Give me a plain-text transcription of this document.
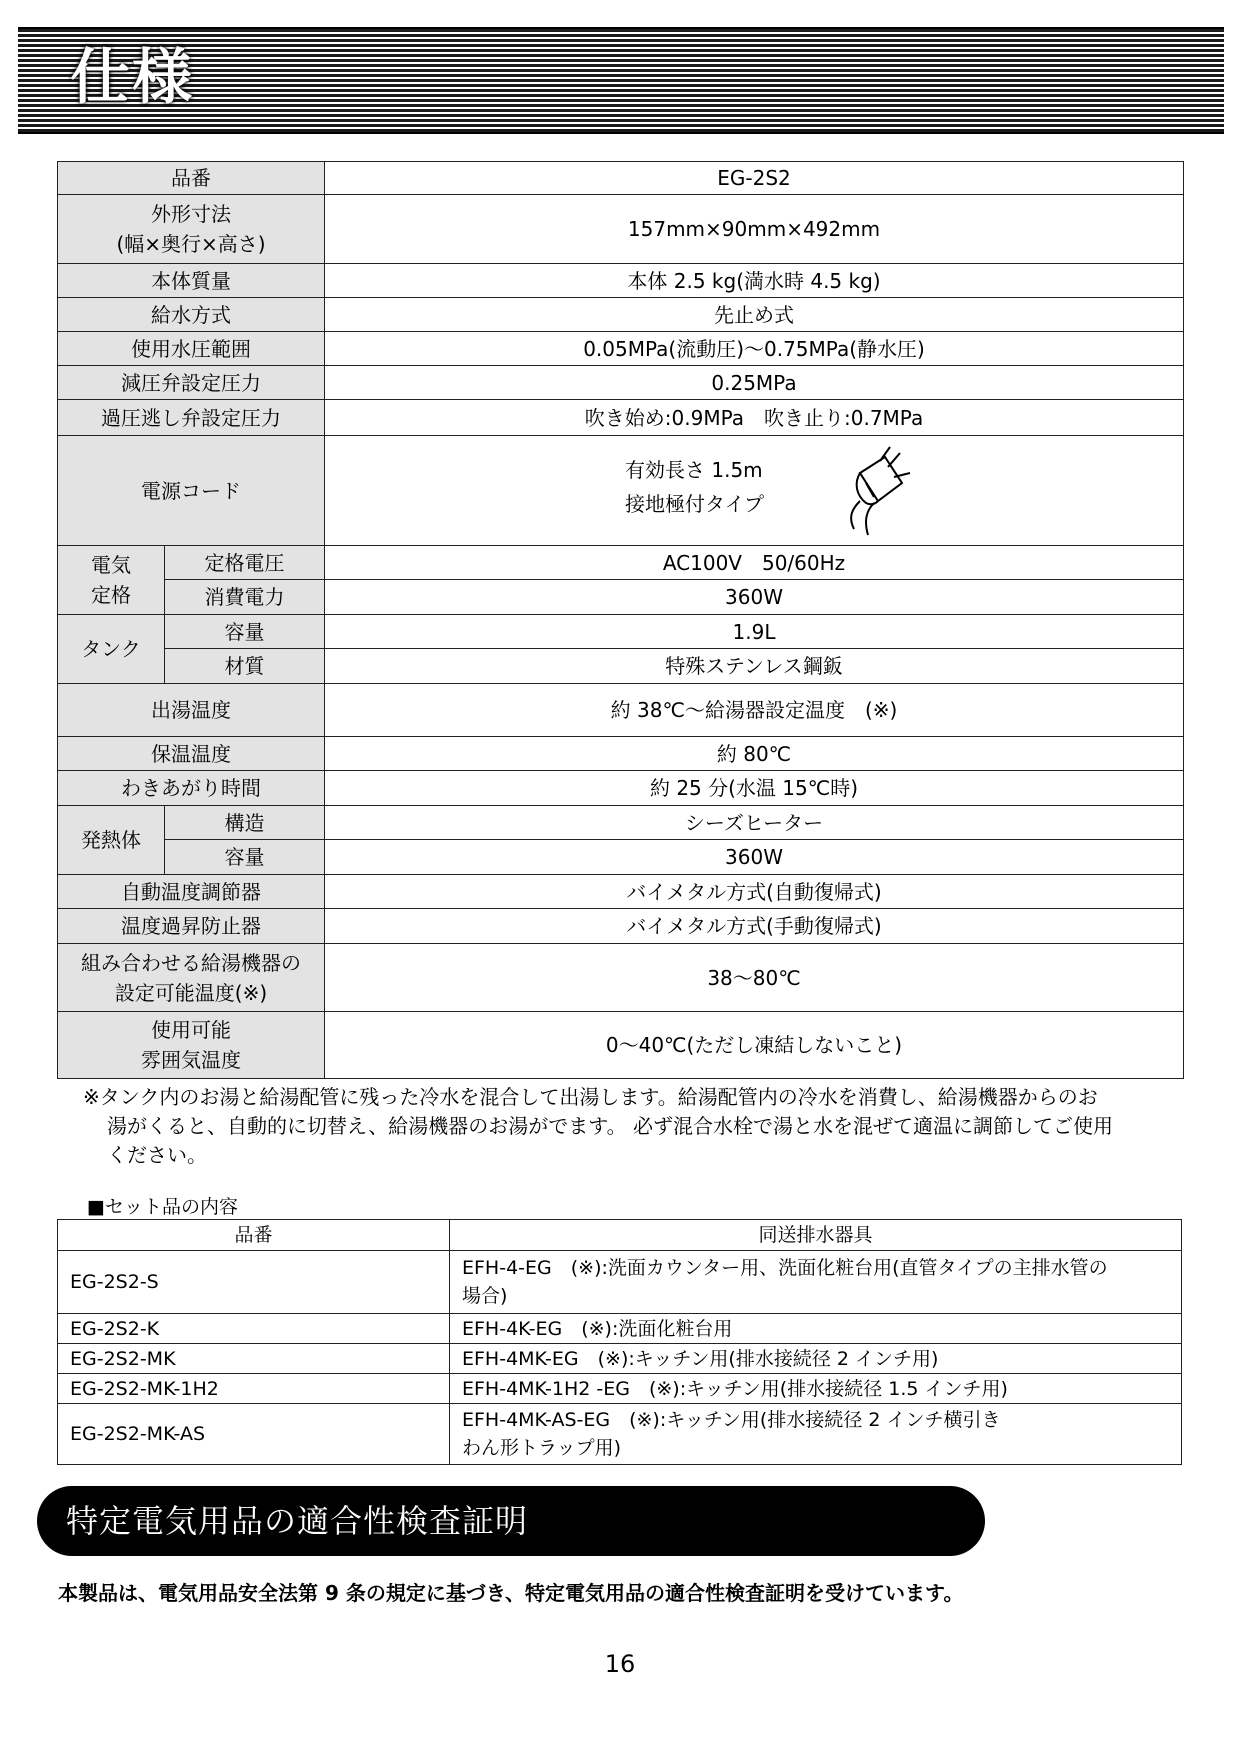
仕様
品番		EG-2S2

外形寸法
(幅×奥行×高さ)		157mm×90mm×492mm
本体質量		本体 2.5 kg(満水時 4.5 kg)
給水方式		先止め式
使用水圧範囲		0.05MPa(流動圧)〜0.75MPa(静水圧)
減圧弁設定圧力		0.25MPa
過圧逃し弁設定圧力		吹き始め:0.9MPa　吹き止り:0.7MPa
電源コード		有効長さ 1.5m
接地極付タイプ

電気
定格	定格電圧	AC100V　50/60Hz
	消費電力	360W
タンク	容量	1.9L
	材質	特殊ステンレス鋼鈑
出湯温度		約 38℃〜給湯器設定温度　(※)
保温温度		約 80℃
わきあがり時間		約 25 分(水温 15℃時)
発熱体	構造	シーズヒーター
	容量	360W
自動温度調節器		バイメタル方式(自動復帰式)
温度過昇防止器		バイメタル方式(手動復帰式)

組み合わせる給湯機器の
設定可能温度(※)		38〜80℃

使用可能
雰囲気温度		0〜40℃(ただし凍結しないこと)
※タンク内のお湯と給湯配管に残った冷水を混合して出湯します。給湯配管内の冷水を消費し、給湯機器からのお
湯がくると、自動的に切替え、給湯機器のお湯がでます。 必ず混合水栓で湯と水を混ぜて適温に調節してご使用
ください。
■セット品の内容
品番	同送排水器具
EG-2S2-S	EFH-4-EG　(※):洗面カウンター用、洗面化粧台用(直管タイプの主排水管の
場合)

EG-2S2-K	EFH-4K-EG　(※):洗面化粧台用
EG-2S2-MK	EFH-4MK-EG　(※):キッチン用(排水接続径 2 インチ用)
EG-2S2-MK-1H2	EFH-4MK-1H2 -EG　(※):キッチン用(排水接続径 1.5 インチ用)
EG-2S2-MK-AS	EFH-4MK-AS-EG　(※):キッチン用(排水接続径 2 インチ横引き
わん形トラップ用)
特定電気用品の適合性検査証明
本製品は、電気用品安全法第 9 条の規定に基づき、特定電気用品の適合性検査証明を受けています。
16
